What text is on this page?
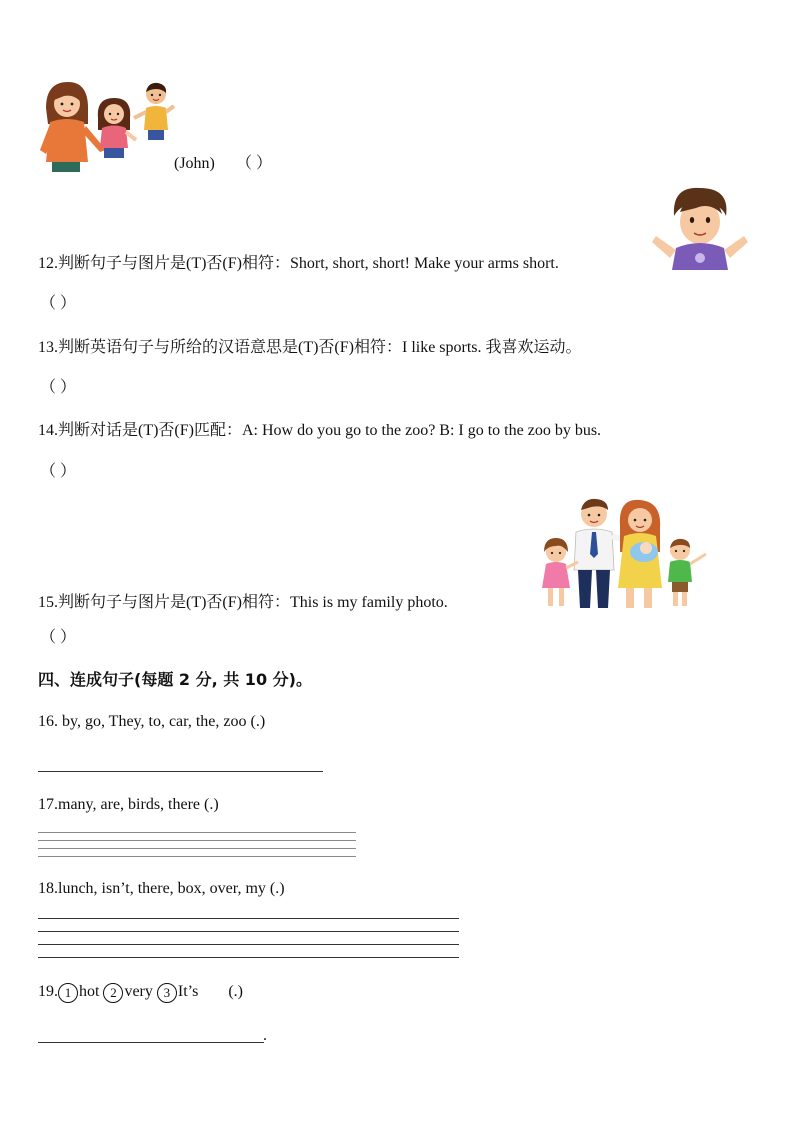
(John) （ ）
12.判断句子与图片是(T)否(F)相符：Short, short, short! Make your arms short.
（ ）
13.判断英语句子与所给的汉语意思是(T)否(F)相符：I like sports. 我喜欢运动。
（ ）
14.判断对话是(T)否(F)匹配：A: How do you go to the zoo? B: I go to the zoo by bus.
（ ）
15.判断句子与图片是(T)否(F)相符：This is my family photo.
（ ）
四、连成句子(每题 2 分, 共 10 分)。
16. by, go, They, to, car, the, zoo (.)
17.many, are, birds, there (.)
18.lunch, isn’t, there, box, over, my (.)
19. 1 hot 2 very 3 It’s (.)
.
